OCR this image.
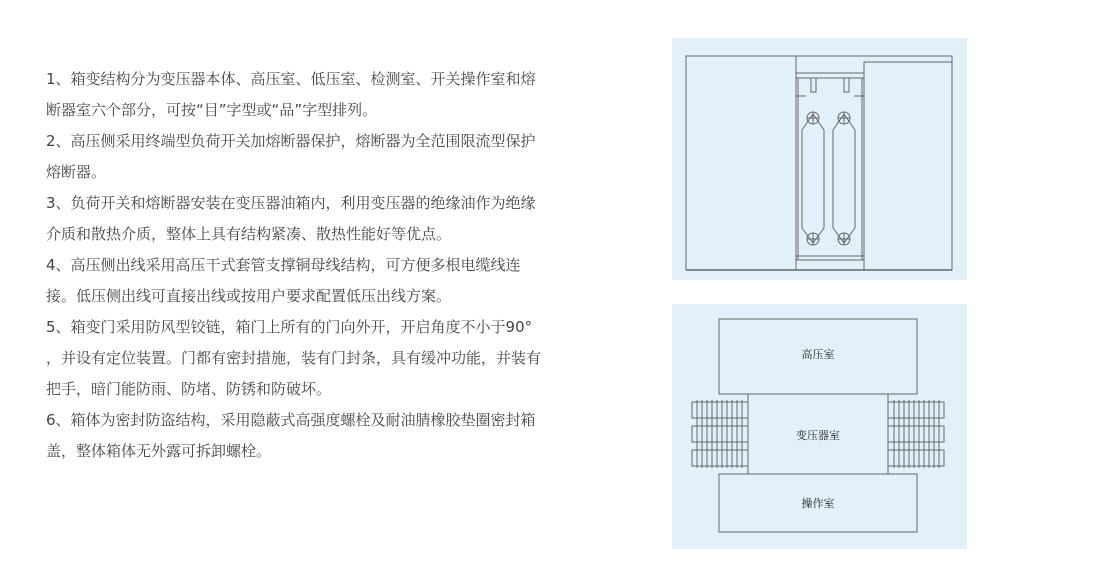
1、箱变结构分为变压器本体、高压室、低压室、检测室、开关操作室和熔断器室六个部分，可按“目”字型或“品”字型排列。

2、高压侧采用终端型负荷开关加熔断器保护，熔断器为全范围限流型保护熔断器。

3、负荷开关和熔断器安装在变压器油箱内，利用变压器的绝缘油作为绝缘介质和散热介质，整体上具有结构紧凑、散热性能好等优点。

4、高压侧出线采用高压干式套管支撑铜母线结构，可方便多根电缆线连接。低压侧出线可直接出线或按用户要求配置低压出线方案。

5、箱变门采用防风型铰链，箱门上所有的门向外开，开启角度不小于90° ，并设有定位装置。门都有密封措施，装有门封条，具有缓冲功能，并装有把手，暗门能防雨、防堵、防锈和防破坏。

6、箱体为密封防盗结构，采用隐蔽式高强度螺栓及耐油腈橡胶垫圈密封箱盖，整体箱体无外露可拆卸螺栓。

高压室
变压器室
操作室
